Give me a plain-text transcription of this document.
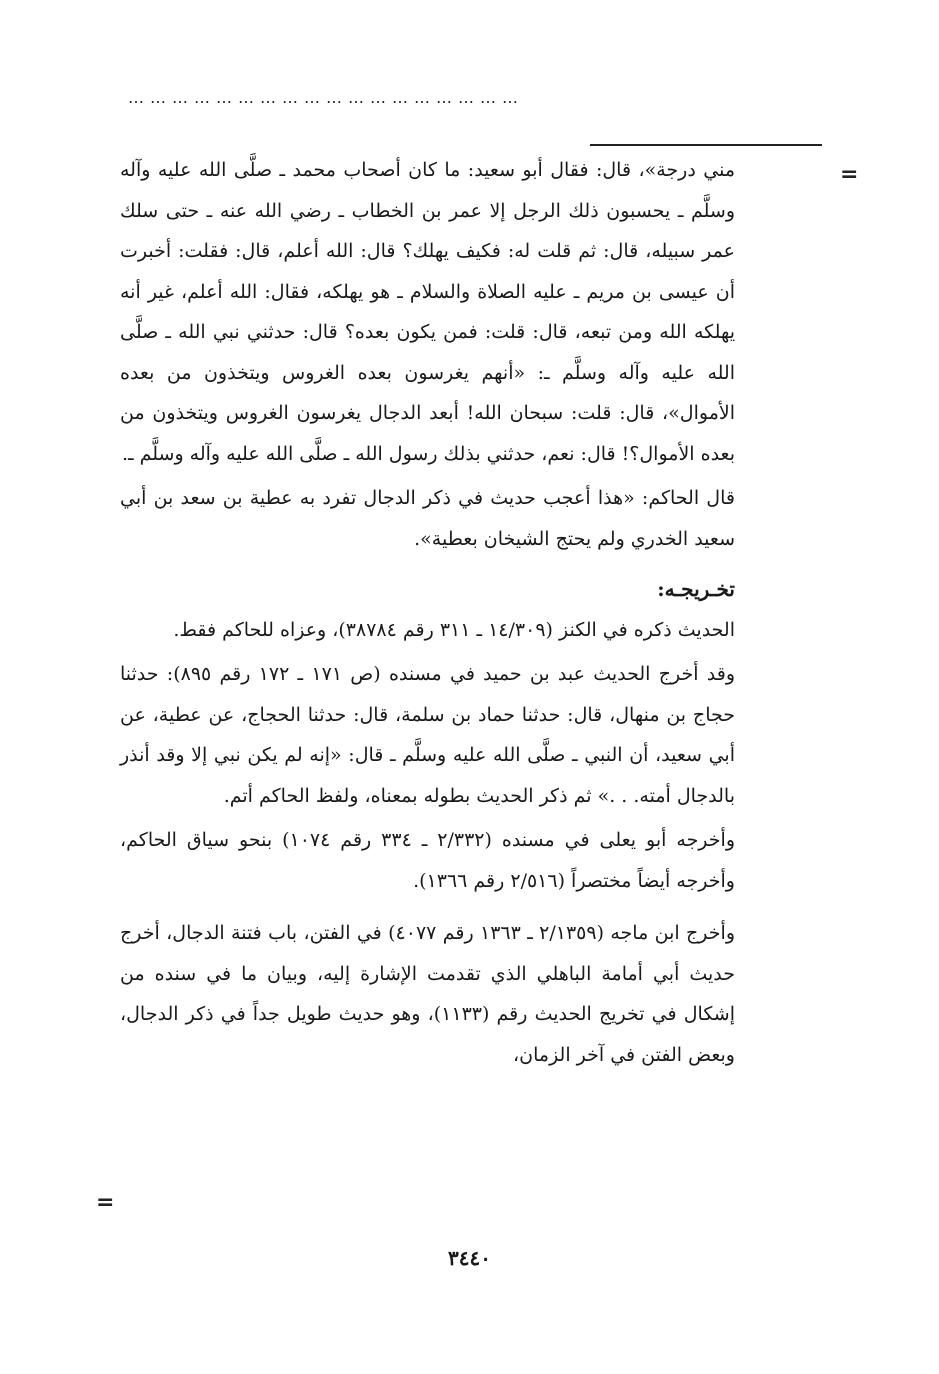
………………………………………………
=

مني درجة»، قال: فقال أبو سعيد: ما كان أصحاب محمد ـ صلَّى الله عليه وآله وسلَّم ـ يحسبون ذلك الرجل إلا عمر بن الخطاب ـ رضي الله عنه ـ حتى سلك عمر سبيله، قال: ثم قلت له: فكيف يهلك؟ قال: الله أعلم، قال: فقلت: أخبرت أن عيسى بن مريم ـ عليه الصلاة والسلام ـ هو يهلكه، فقال: الله أعلم، غير أنه يهلكه الله ومن تبعه، قال: قلت: فمن يكون بعده؟ قال: حدثني نبي الله ـ صلَّى الله عليه وآله وسلَّم ـ: «أنهم يغرسون بعده الغروس ويتخذون من بعده الأموال»، قال: قلت: سبحان الله! أبعد الدجال يغرسون الغروس ويتخذون من بعده الأموال؟! قال: نعم، حدثني بذلك رسول الله ـ صلَّى الله عليه وآله وسلَّم ـ.

قال الحاكم: «هذا أعجب حديث في ذكر الدجال تفرد به عطية بن سعد بن أبي سعيد الخدري ولم يحتج الشيخان بعطية».

تخـريجـه:

الحديث ذكره في الكنز (١٤/٣٠٩ ـ ٣١١ رقم ٣٨٧٨٤)، وعزاه للحاكم فقط.

وقد أخرج الحديث عبد بن حميد في مسنده (ص ١٧١ ـ ١٧٢ رقم ٨٩٥): حدثنا حجاج بن منهال، قال: حدثنا حماد بن سلمة، قال: حدثنا الحجاج، عن عطية، عن أبي سعيد، أن النبي ـ صلَّى الله عليه وسلَّم ـ قال: «إنه لم يكن نبي إلا وقد أنذر بالدجال أمته. . .» ثم ذكر الحديث بطوله بمعناه، ولفظ الحاكم أتم.

وأخرجه أبو يعلى في مسنده (٢/٣٣٢ ـ ٣٣٤ رقم ١٠٧٤) بنحو سياق الحاكم، وأخرجه أيضاً مختصراً (٢/٥١٦ رقم ١٣٦٦).

وأخرج ابن ماجه (٢/١٣٥٩ ـ ١٣٦٣ رقم ٤٠٧٧) في الفتن، باب فتنة الدجال، أخرج حديث أبي أمامة الباهلي الذي تقدمت الإشارة إليه، وبيان ما في سنده من إشكال في تخريج الحديث رقم (١١٣٣)، وهو حديث طويل جداً في ذكر الدجال، وبعض الفتن في آخر الزمان،

=
٣٤٤٠
